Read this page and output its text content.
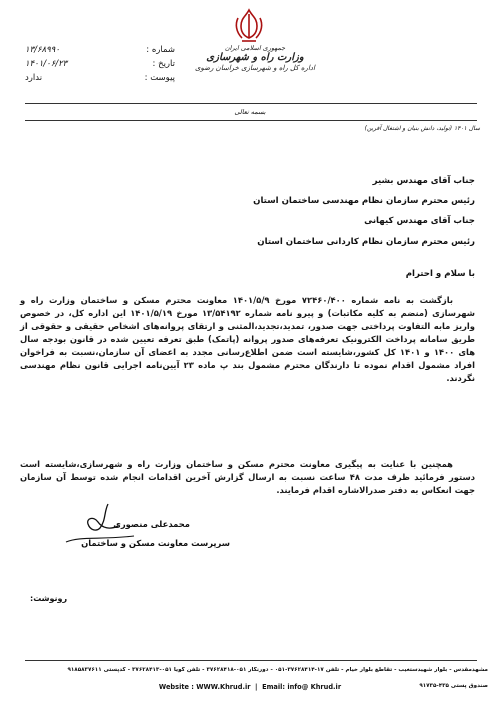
جمهوری اسلامی ایران
وزارت راه و شهرسازی
اداره کل راه و شهرسازی خراسان رضوی
۱۳/۶۸۹۹۰	شماره :
۱۴۰۱/۰۶/۲۳	تاریخ :
ندارد	پیوست :
بسمه تعالی
سال ۱۴۰۱ (تولید، دانش بنیان و اشتغال آفرین)
جناب آقای مهندس بشیر
رئیس محترم سازمان نظام مهندسی ساختمان استان
جناب آقای مهندس کیهانی
رئیس محترم سازمان نظام کاردانی ساختمان استان
با سلام و احترام
بازگشت به نامه شماره ۷۲۴۶۰/۴۰۰ مورخ ۱۴۰۱/۵/۹ معاونت محترم مسکن و ساختمان وزارت راه و شهرسازی (منضم به کلیه مکاتبات) و پیرو نامه شماره ۱۳/۵۴۱۹۲ مورخ ۱۴۰۱/۵/۱۹ این اداره کل، در خصوص واریز مابه التفاوت پرداختی جهت صدور، تمدید،تجدید،المثنی و ارتقای پروانه‌های اشخاص حقیقی و حقوقی از طریق سامانه پرداخت الکترونیک تعرفه‌های صدور پروانه (پاتمک) طبق تعرفه تعیین شده در قانون بودجه سال های ۱۴۰۰ و ۱۴۰۱ کل کشور،شایسته است ضمن اطلاع‌رسانی مجدد به اعضای آن سازمان،نسبت به فراخوان افراد مشمول اقدام نموده تا دارندگان محترم مشمول بند پ ماده ۲۳ آیین‌نامه اجرایی قانون نظام مهندسی نگردند.
همچنین با عنایت به پیگیری معاونت محترم مسکن و ساختمان وزارت راه و شهرسازی،شایسته است دستور فرمائید ظرف مدت ۴۸ ساعت نسبت به ارسال گزارش آخرین اقدامات انجام شده توسط آن سازمان جهت انعکاس به دفتر صدرالاشاره اقدام فرمایند.
محمدعلی منصوری
سرپرست معاونت مسکن و ساختمان
رونوشت:
مشهدمقدس - بلوار شهیدستغیب - تقاطع بلوار خیام - تلفن ۱۷-۳۷۶۲۸۴۱۴-۰۵۱ - دورنگار ۰۵۱-۳۷۶۲۸۴۱۸ - تلفن گویا ۰۵۱-۳۷۶۲۸۴۱۳ - کدپستی ۹۱۸۵۸۳۷۶۱۱
Website : WWW.Khrud.ir  |  Email: info@ Khrud.ir	صندوق پستی ۴۳۵-۹۱۷۳۵
